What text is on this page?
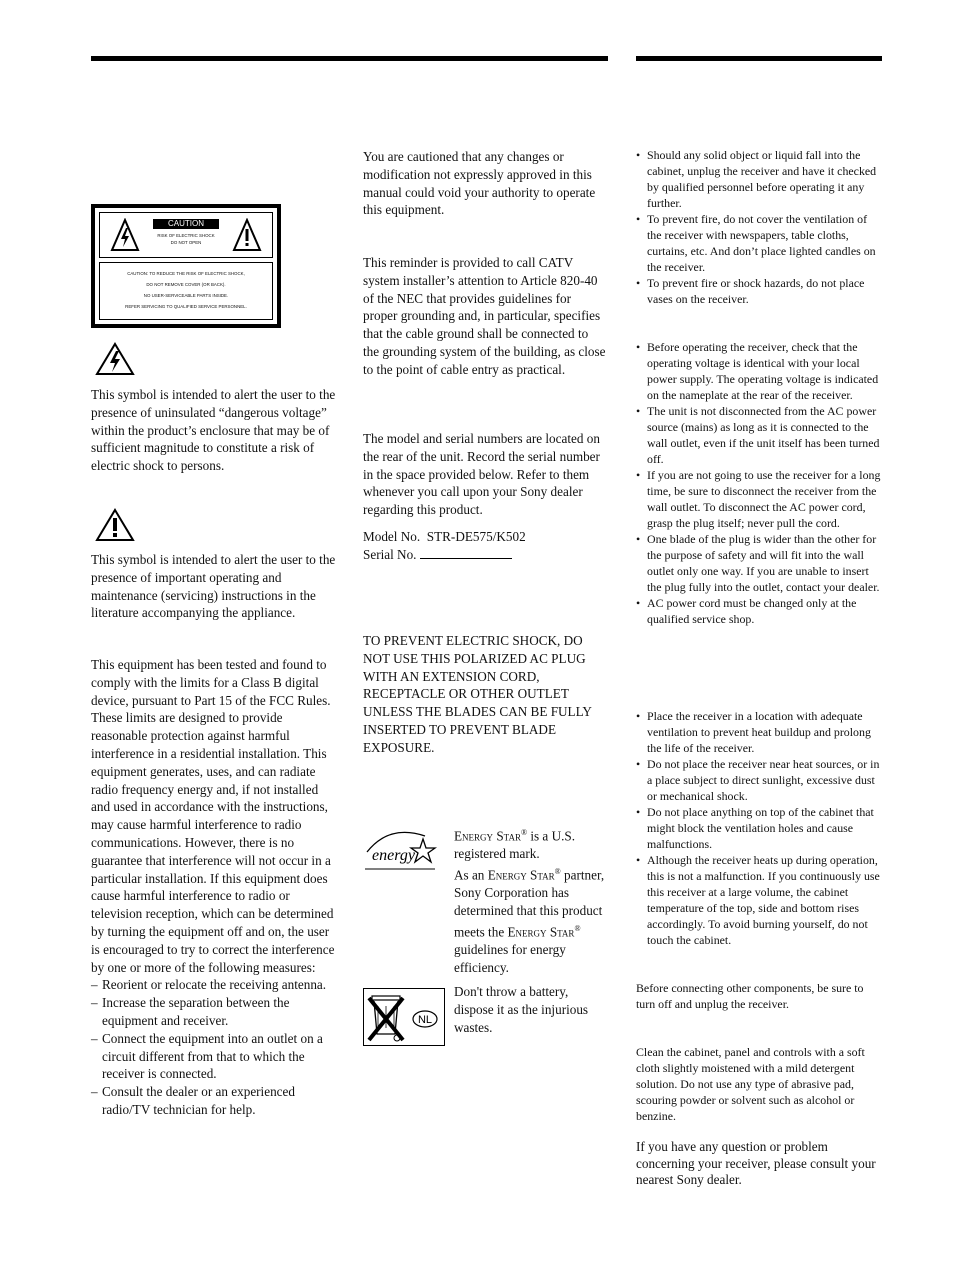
CAUTION
RISK OF ELECTRIC SHOCK
DO NOT OPEN
CAUTION: TO REDUCE THE RISK OF ELECTRIC SHOCK,
DO NOT REMOVE COVER (OR BACK).
NO USER-SERVICEABLE PARTS INSIDE.
REFER SERVICING TO QUALIFIED SERVICE PERSONNEL.

This symbol is intended to alert the user to the presence of uninsulated “dangerous voltage” within the product’s enclosure that may be of sufficient magnitude to constitute a risk of electric shock to persons.

This symbol is intended to alert the user to the presence of important operating and maintenance (servicing) instructions in the literature accompanying the appliance.

This equipment has been tested and found to comply with the limits for a Class B digital device, pursuant to Part 15 of the FCC Rules.

These limits are designed to provide reasonable protection against harmful interference in a residential installation. This equipment generates, uses, and can radiate radio frequency energy and, if not installed and used in accordance with the instructions, may cause harmful interference to radio communications. However, there is no guarantee that interference will not occur in a particular installation. If this equipment does cause harmful interference to radio or television reception, which can be determined by turning the equipment off and on, the user is encouraged to try to correct the interference by one or more of the following measures:

– Reorient or relocate the receiving antenna.
– Increase the separation between the equipment and receiver.
– Connect the equipment into an outlet on a circuit different from that to which the receiver is connected.
– Consult the dealer or an experienced radio/TV technician for help.

You are cautioned that any changes or modification not expressly approved in this manual could void your authority to operate this equipment.

This reminder is provided to call CATV system installer’s attention to Article 820-40 of the NEC that provides guidelines for proper grounding and, in particular, specifies that the cable ground shall be connected to the grounding system of the building, as close to the point of cable entry as practical.

The model and serial numbers are located on the rear of the unit. Record the serial number in the space provided below. Refer to them whenever you call upon your Sony dealer regarding this product.

Model No. STR-DE575/K502

Serial No.

TO PREVENT ELECTRIC SHOCK, DO NOT USE THIS POLARIZED AC PLUG WITH AN EXTENSION CORD, RECEPTACLE OR OTHER OUTLET UNLESS THE BLADES CAN BE FULLY INSERTED TO PREVENT BLADE EXPOSURE.

energy

Energy Star® is a U.S. registered mark.

As an Energy Star® partner, Sony Corporation has determined that this product meets the Energy Star® guidelines for energy efficiency.

NL

Don't throw a battery, dispose it as the injurious wastes.

• Should any solid object or liquid fall into the cabinet, unplug the receiver and have it checked by qualified personnel before operating it any further.
• To prevent fire, do not cover the ventilation of the receiver with newspapers, table cloths, curtains, etc. And don’t place lighted candles on the receiver.
• To prevent fire or shock hazards, do not place vases on the receiver.
• Before operating the receiver, check that the operating voltage is identical with your local power supply. The operating voltage is indicated on the nameplate at the rear of the receiver.
• The unit is not disconnected from the AC power source (mains) as long as it is connected to the wall outlet, even if the unit itself has been turned off.
• If you are not going to use the receiver for a long time, be sure to disconnect the receiver from the wall outlet. To disconnect the AC power cord, grasp the plug itself; never pull the cord.
• One blade of the plug is wider than the other for the purpose of safety and will fit into the wall outlet only one way. If you are unable to insert the plug fully into the outlet, contact your dealer.
• AC power cord must be changed only at the qualified service shop.
• Place the receiver in a location with adequate ventilation to prevent heat buildup and prolong the life of the receiver.
• Do not place the receiver near heat sources, or in a place subject to direct sunlight, excessive dust or mechanical shock.
• Do not place anything on top of the cabinet that might block the ventilation holes and cause malfunctions.
• Although the receiver heats up during operation, this is not a malfunction. If you continuously use this receiver at a large volume, the cabinet temperature of the top, side and bottom rises accordingly. To avoid burning yourself, do not touch the cabinet.

Before connecting other components, be sure to turn off and unplug the receiver.

Clean the cabinet, panel and controls with a soft cloth slightly moistened with a mild detergent solution. Do not use any type of abrasive pad, scouring powder or solvent such as alcohol or benzine.

If you have any question or problem concerning your receiver, please consult your nearest Sony dealer.
